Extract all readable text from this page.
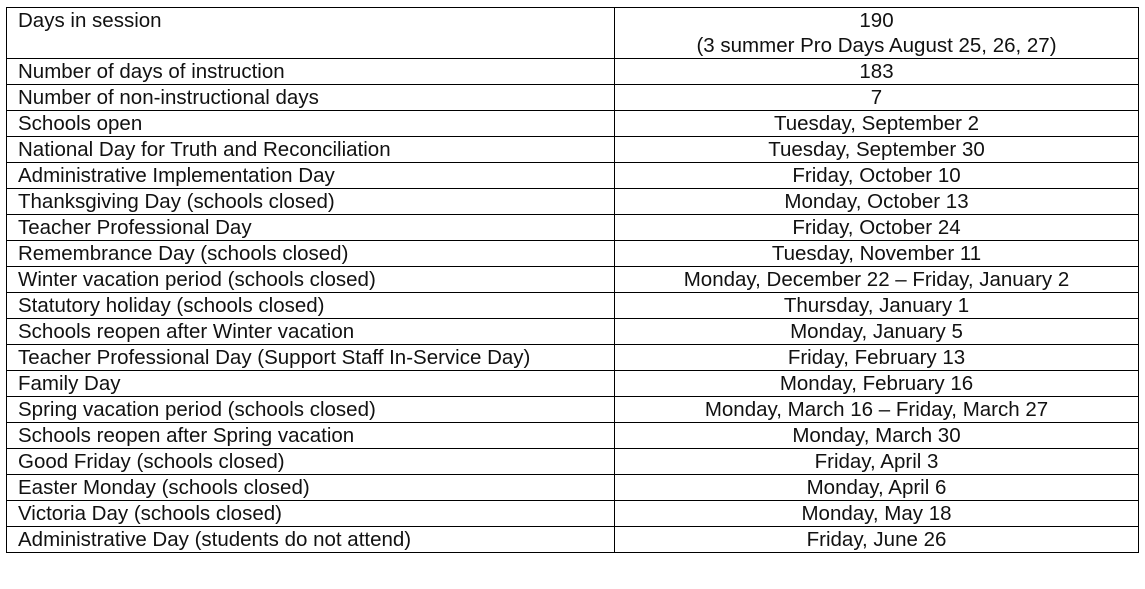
Days in session	190
(3 summer Pro Days August 25, 26, 27)

Number of days of instruction	183
Number of non-instructional days	7
Schools open	Tuesday, September 2
National Day for Truth and Reconciliation	Tuesday, September 30
Administrative Implementation Day	Friday, October 10
Thanksgiving Day (schools closed)	Monday, October 13
Teacher Professional Day	Friday, October 24
Remembrance Day (schools closed)	Tuesday, November 11
Winter vacation period (schools closed)	Monday, December 22 – Friday, January 2
Statutory holiday (schools closed)	Thursday, January 1
Schools reopen after Winter vacation	Monday, January 5
Teacher Professional Day (Support Staff In-Service Day)	Friday, February 13
Family Day	Monday, February 16
Spring vacation period (schools closed)	Monday, March 16 – Friday, March 27
Schools reopen after Spring vacation	Monday, March 30
Good Friday (schools closed)	Friday, April 3
Easter Monday (schools closed)	Monday, April 6
Victoria Day (schools closed)	Monday, May 18
Administrative Day (students do not attend)	Friday, June 26
